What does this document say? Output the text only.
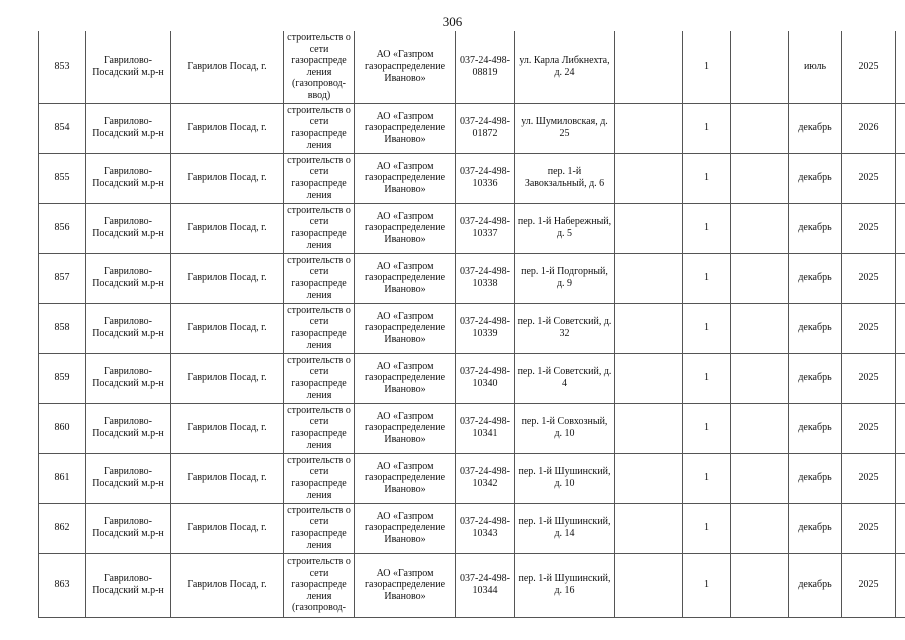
306
853	Гаврилово-Посадский м.р-н	Гаврилов Посад, г.	строительств о сети газораспреде ления (газопровод-ввод)	АО «Газпром газораспределение Иваново»	037-24-498-08819	ул. Карла Либкнехта, д. 24		1		июль	2025	
854	Гаврилово-Посадский м.р-н	Гаврилов Посад, г.	строительств о сети газораспреде ления	АО «Газпром газораспределение Иваново»	037-24-498-01872	ул. Шумиловская, д. 25		1		декабрь	2026	
855	Гаврилово-Посадский м.р-н	Гаврилов Посад, г.	строительств о сети газораспреде ления	АО «Газпром газораспределение Иваново»	037-24-498-10336	пер. 1-й Завокзальный, д. 6		1		декабрь	2025	
856	Гаврилово-Посадский м.р-н	Гаврилов Посад, г.	строительств о сети газораспреде ления	АО «Газпром газораспределение Иваново»	037-24-498-10337	пер. 1-й Набережный, д. 5		1		декабрь	2025	
857	Гаврилово-Посадский м.р-н	Гаврилов Посад, г.	строительств о сети газораспреде ления	АО «Газпром газораспределение Иваново»	037-24-498-10338	пер. 1-й Подгорный, д. 9		1		декабрь	2025	
858	Гаврилово-Посадский м.р-н	Гаврилов Посад, г.	строительств о сети газораспреде ления	АО «Газпром газораспределение Иваново»	037-24-498-10339	пер. 1-й Советский, д. 32		1		декабрь	2025	
859	Гаврилово-Посадский м.р-н	Гаврилов Посад, г.	строительств о сети газораспреде ления	АО «Газпром газораспределение Иваново»	037-24-498-10340	пер. 1-й Советский, д. 4		1		декабрь	2025	
860	Гаврилово-Посадский м.р-н	Гаврилов Посад, г.	строительств о сети газораспреде ления	АО «Газпром газораспределение Иваново»	037-24-498-10341	пер. 1-й Совхозный, д. 10		1		декабрь	2025	
861	Гаврилово-Посадский м.р-н	Гаврилов Посад, г.	строительств о сети газораспреде ления	АО «Газпром газораспределение Иваново»	037-24-498-10342	пер. 1-й Шушинский, д. 10		1		декабрь	2025	
862	Гаврилово-Посадский м.р-н	Гаврилов Посад, г.	строительств о сети газораспреде ления	АО «Газпром газораспределение Иваново»	037-24-498-10343	пер. 1-й Шушинский, д. 14		1		декабрь	2025	
863	Гаврилово-Посадский м.р-н	Гаврилов Посад, г.	строительств о сети газораспреде ления (газопровод-	АО «Газпром газораспределение Иваново»	037-24-498-10344	пер. 1-й Шушинский, д. 16		1		декабрь	2025	
